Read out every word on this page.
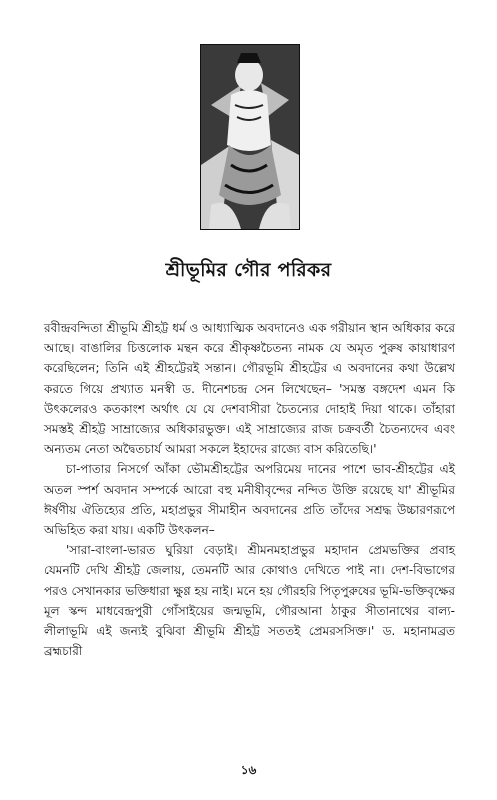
শ্রীভূমির গৌর পরিকর

রবীন্দ্রবন্দিতা শ্রীভূমি শ্রীহট্ট ধর্ম ও আধ্যাত্মিক অবদানেও এক গরীয়ান স্থান অধিকার করে আছে। বাঙালির চিত্তলোক মন্থন করে শ্রীকৃষ্ণচৈতন্য নামক যে অমৃত পুরুষ কায়াধারণ করেছিলেন; তিনি এই শ্রীহট্টেরই সন্তান। গৌরভূমি শ্রীহট্টের এ অবদানের কথা উল্লেখ করতে গিয়ে প্রখ্যাত মনস্বী ড. দীনেশচন্দ্র সেন লিখেছেন– 'সমস্ত বঙ্গদেশ এমন কি উৎকলেরও কতকাংশ অর্থাৎ যে যে দেশবাসীরা চৈতন্যের দোহাই দিয়া থাকে। তাঁহারা সমস্তই শ্রীহট্ট সাম্রাজ্যের অধিকারভুক্ত। এই সাম্রাজ্যের রাজ চক্রবর্তী চৈতন্যদেব এবং অন্যতম নেতা অদ্বৈতচার্য আমরা সকলে ইহাদের রাজ্যে বাস করিতেছি।'

চা-পাতার নিসর্গে আঁকা ভৌমশ্রীহট্টের অপরিমেয় দানের পাশে ভাব-শ্রীহট্টের এই অতল স্পর্শ অবদান সম্পর্কে আরো বহু মনীষীবৃন্দের নন্দিত উক্তি রয়েছে যা' শ্রীভূমির ঈর্ষণীয় ঐতিহ্যের প্রতি, মহাপ্রভুর সীমাহীন অবদানের প্রতি তাঁদের সশ্রদ্ধ উচ্চারণরূপে অভিহিত করা যায়। একটি উৎকলন–

'সারা-বাংলা-ভারত ঘুরিয়া বেড়াই। শ্রীমনমহাপ্রভুর মহাদান প্রেমভক্তির প্রবাহ যেমনটি দেখি শ্রীহট্ট জেলায়, তেমনটি আর কোথাও দেখিতে পাই না। দেশ-বিভাগের পরও সেখানকার ভক্তিধারা ক্ষুণ্ণ হয় নাই। মনে হয় গৌরহরি পিতৃপুরুষের ভূমি-ভক্তিবৃক্ষের মূল স্কন্দ মাধবেন্দ্রপুরী গোঁসাইয়ের জন্মভূমি, গৌরআনা ঠাকুর সীতানাথের বাল্য-লীলাভূমি এই জন্যই বুঝিবা শ্রীভূমি শ্রীহট্ট সততই প্রেমরসসিক্ত।' ড. মহানামব্রত ব্রহ্মচারী

১৬
